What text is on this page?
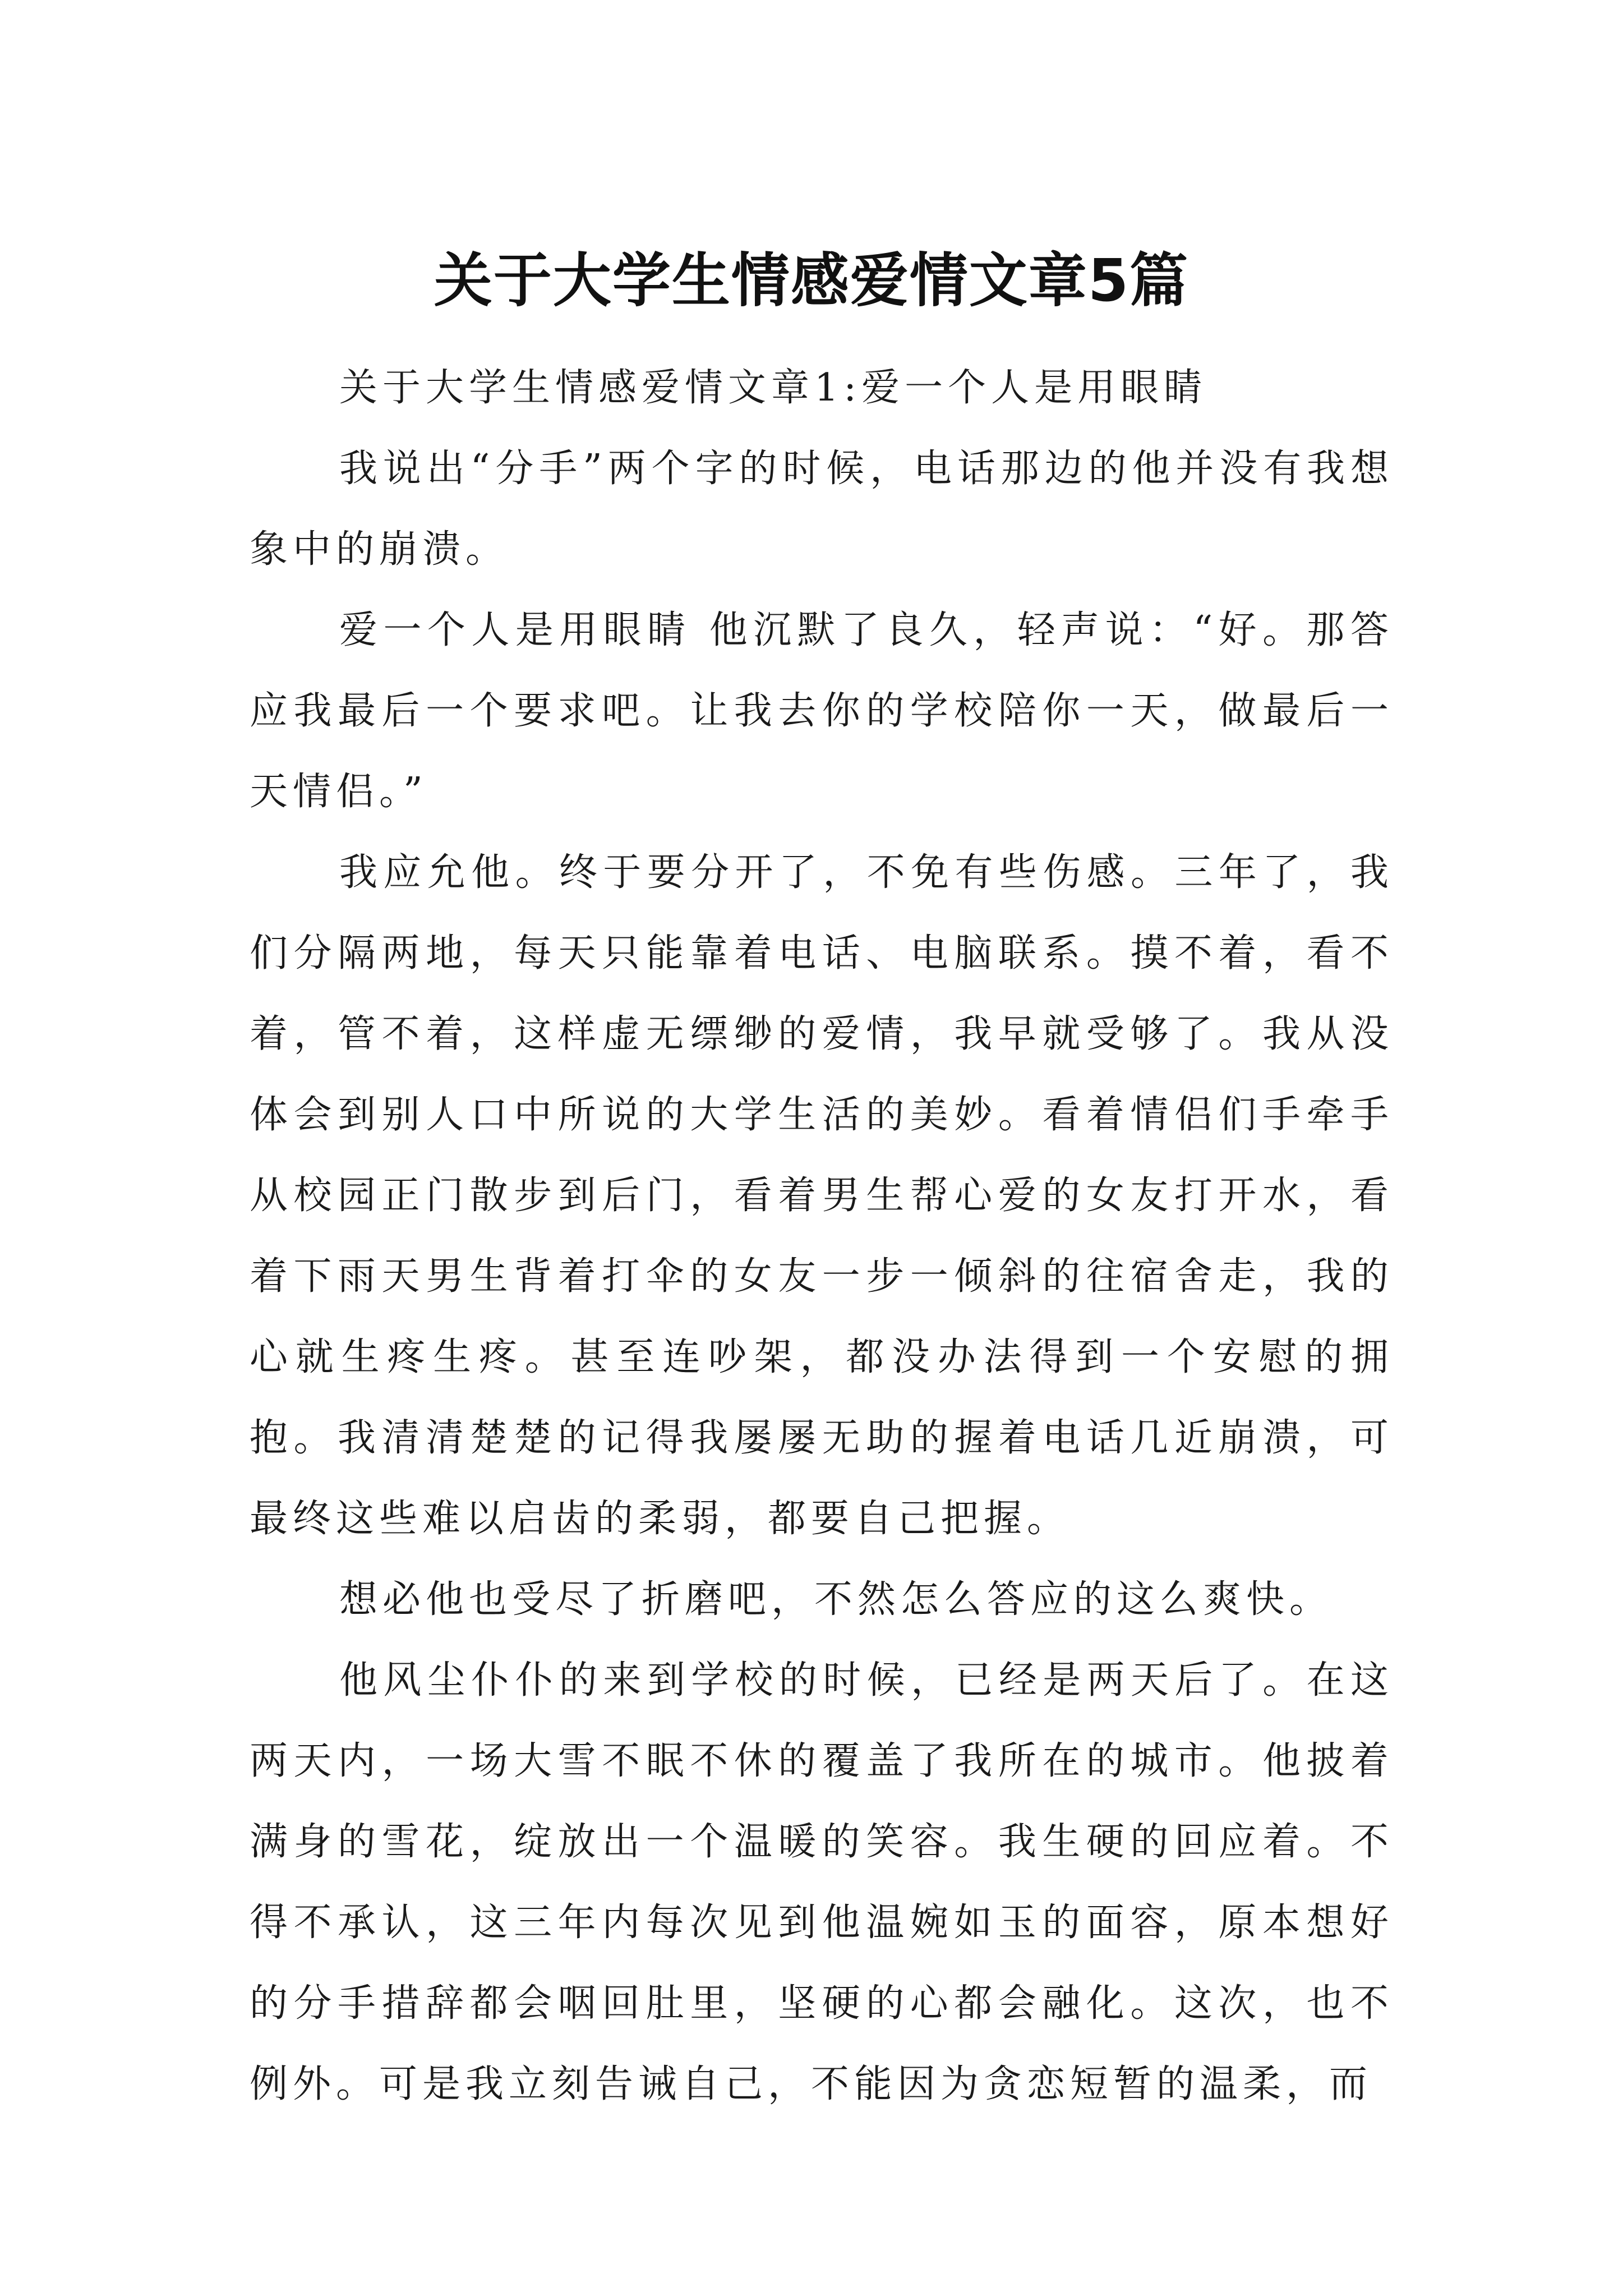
关于大学生情感爱情文章5篇

关于大学生情感爱情文章1:爱一个人是用眼睛

我说出“分手”两个字的时候，电话那边的他并没有我想象中的崩溃。

爱一个人是用眼睛 他沉默了良久，轻声说：“好。那答应我最后一个要求吧。让我去你的学校陪你一天，做最后一天情侣。”

我应允他。终于要分开了，不免有些伤感。三年了，我们分隔两地，每天只能靠着电话、电脑联系。摸不着，看不着，管不着，这样虚无缥缈的爱情，我早就受够了。我从没体会到别人口中所说的大学生活的美妙。看着情侣们手牵手从校园正门散步到后门，看着男生帮心爱的女友打开水，看着下雨天男生背着打伞的女友一步一倾斜的往宿舍走，我的心就生疼生疼。甚至连吵架，都没办法得到一个安慰的拥抱。我清清楚楚的记得我屡屡无助的握着电话几近崩溃，可最终这些难以启齿的柔弱，都要自己把握。

想必他也受尽了折磨吧，不然怎么答应的这么爽快。

他风尘仆仆的来到学校的时候，已经是两天后了。在这两天内，一场大雪不眠不休的覆盖了我所在的城市。他披着满身的雪花，绽放出一个温暖的笑容。我生硬的回应着。不得不承认，这三年内每次见到他温婉如玉的面容，原本想好的分手措辞都会咽回肚里，坚硬的心都会融化。这次，也不例外。可是我立刻告诫自己，不能因为贪恋短暂的温柔，而
